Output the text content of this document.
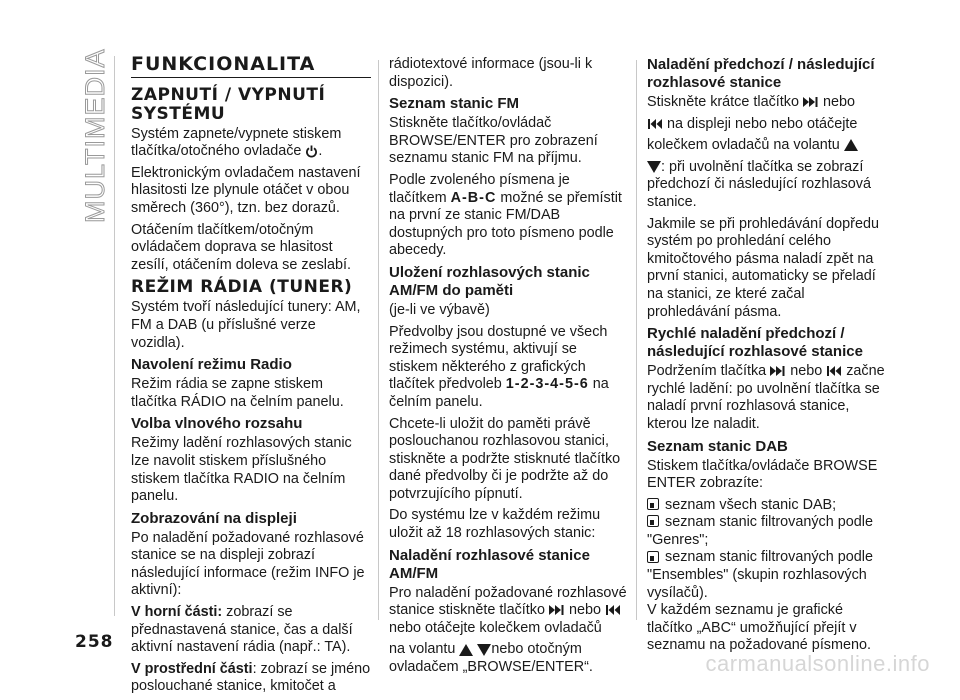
MULTIMEDIA
258
FUNKCIONALITA
ZAPNUTÍ / VYPNUTÍ SYSTÉMU

Systém zapnete/vypnete stiskem tlačítka/otočného ovladače .

Elektronickým ovladačem nastavení hlasitosti lze plynule otáčet v obou směrech (360°), tzn. bez dorazů.

Otáčením tlačítkem/otočným ovládačem doprava se hlasitost zesílí, otáčením doleva se zeslabí.

REŽIM RÁDIA (TUNER)

Systém tvoří následující tunery: AM, FM a DAB (u příslušné verze vozidla).

Navolení režimu Radio

Režim rádia se zapne stiskem tlačítka RÁDIO na čelním panelu.

Volba vlnového rozsahu

Režimy ladění rozhlasových stanic lze navolit stiskem příslušného stiskem tlačítka RADIO na čelním panelu.

Zobrazování na displeji

Po naladění požadované rozhlasové stanice se na displeji zobrazí následující informace (režim INFO je aktivní):

V horní části: zobrazí se přednastavená stanice, čas a další aktivní nastavení rádia (např.: TA).

V prostřední části: zobrazí se jméno poslouchané stanice, kmitočet a

rádiotextové informace (jsou-li k dispozici).

Seznam stanic FM

Stiskněte tlačítko/ovládač BROWSE/ENTER pro zobrazení seznamu stanic FM na příjmu.

Podle zvoleného písmena je tlačítkem A-B-C možné se přemístit na první ze stanic FM/DAB dostupných pro toto písmeno podle abecedy.

Uložení rozhlasových stanic AM/FM do paměti

(je-li ve výbavě)

Předvolby jsou dostupné ve všech režimech systému, aktivují se stiskem některého z grafických tlačítek předvoleb 1-2-3-4-5-6 na čelním panelu.

Chcete-li uložit do paměti právě poslouchanou rozhlasovou stanici, stiskněte a podržte stisknuté tlačítko dané předvolby či je podržte až do potvrzujícího pípnutí.

Do systému lze v každém režimu uložit až 18 rozhlasových stanic:

Naladění rozhlasové stanice AM/FM

Pro naladění požadované rozhlasové stanice stiskněte tlačítko nebo  nebo otáčejte kolečkem ovladačů

na volantu	nebo otočným ovladačem „BROWSE/ENTER“.

Naladění předchozí / následující rozhlasové stanice

Stiskněte krátce tlačítko nebo

na displeji nebo nebo otáčejte

kolečkem ovladačů na volantu

: při uvolnění tlačítka se zobrazí předchozí či následující rozhlasová stanice.

Jakmile se při prohledávání dopředu systém po prohledání celého kmitočtového pásma naladí zpět na první stanici, automaticky se přeladí na stanici, ze které začal prohledávání pásma.

Rychlé naladění předchozí / následující rozhlasové stanice

Podržením tlačítka nebo začne rychlé ladění: po uvolnění tlačítka se naladí první rozhlasová stanice, kterou lze naladit.

Seznam stanic DAB

Stiskem tlačítka/ovládače BROWSE ENTER zobrazíte:

seznam všech stanic DAB;
seznam stanic filtrovaných podle "Genres";
seznam stanic filtrovaných podle "Ensembles" (skupin rozhlasových vysílačů).

V každém seznamu je grafické tlačítko „ABC“ umožňující přejít v seznamu na požadované písmeno.

carmanualsonline.info
